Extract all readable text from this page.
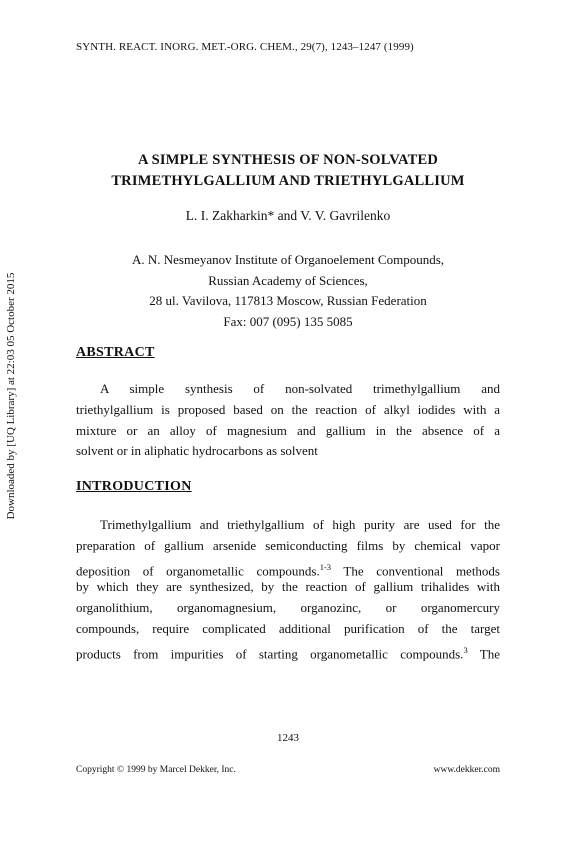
SYNTH. REACT. INORG. MET.-ORG. CHEM., 29(7), 1243–1247 (1999)
A SIMPLE SYNTHESIS OF NON-SOLVATED
TRIMETHYLGALLIUM AND TRIETHYLGALLIUM
L. I. Zakharkin* and V. V. Gavrilenko
A. N. Nesmeyanov Institute of Organoelement Compounds,
Russian Academy of Sciences,
28 ul. Vavilova, 117813 Moscow, Russian Federation
Fax: 007 (095) 135 5085
ABSTRACT
A simple synthesis of non-solvated trimethylgallium and
triethylgallium is proposed based on the reaction of alkyl iodides with a
mixture or an alloy of magnesium and gallium in the absence of a
solvent or in aliphatic hydrocarbons as solvent
INTRODUCTION
Trimethylgallium and triethylgallium of high purity are used for the
preparation of gallium arsenide semiconducting films by chemical vapor
deposition of organometallic compounds.$^{1-3}$ The conventional methods
by which they are synthesized, by the reaction of gallium trihalides with
organolithium, organomagnesium, organozinc, or organomercury
compounds, require complicated additional purification of the target
products from impurities of starting organometallic compounds.$^3$ The
1243
Copyright © 1999 by Marcel Dekker, Inc.	www.dekker.com
Downloaded by [UQ Library] at 22:03 05 October 2015
